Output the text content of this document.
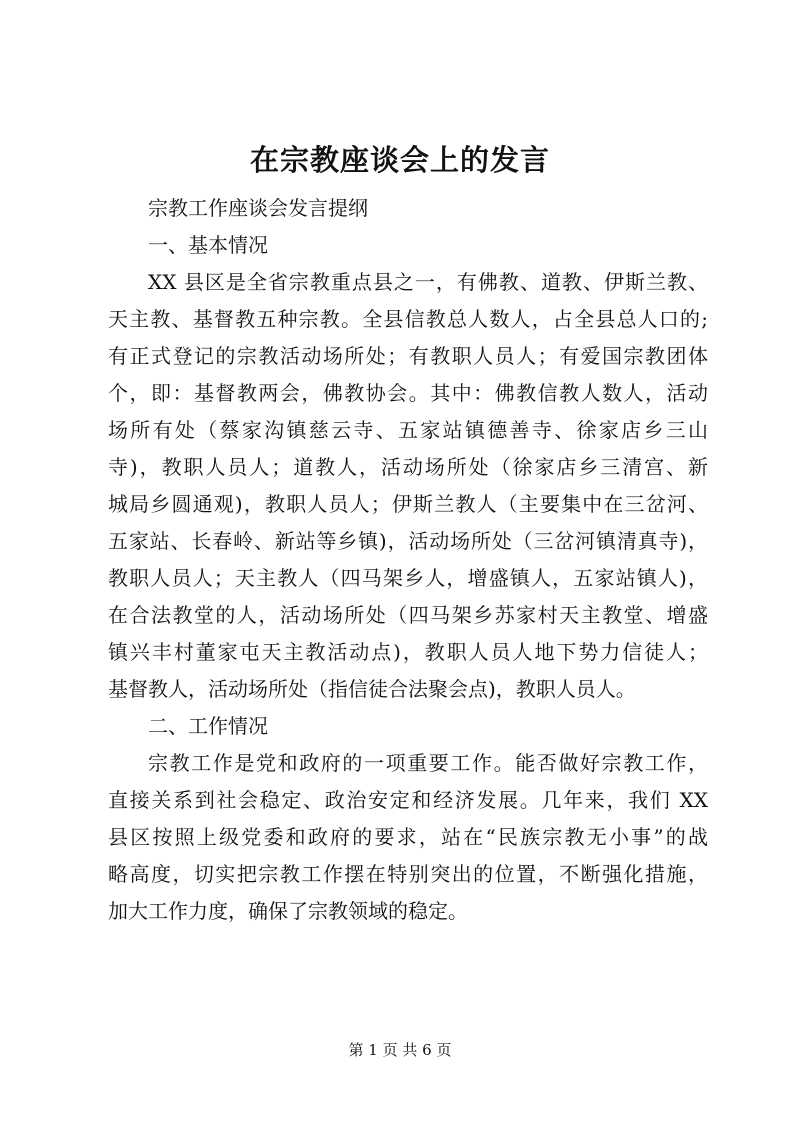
在宗教座谈会上的发言
宗教工作座谈会发言提纲
一、基本情况
XX 县区是全省宗教重点县之一，有佛教、道教、伊斯兰教、
天主教、基督教五种宗教。全县信教总人数人，占全县总人口的;
有正式登记的宗教活动场所处；有教职人员人；有爱国宗教团体
个，即：基督教两会，佛教协会。其中：佛教信教人数人，活动
场所有处（蔡家沟镇慈云寺、五家站镇德善寺、徐家店乡三山
寺)，教职人员人；道教人，活动场所处（徐家店乡三清宫、新
城局乡圆通观)，教职人员人；伊斯兰教人（主要集中在三岔河、
五家站、长春岭、新站等乡镇)，活动场所处（三岔河镇清真寺)，
教职人员人；天主教人（四马架乡人，增盛镇人，五家站镇人)，
在合法教堂的人，活动场所处（四马架乡苏家村天主教堂、增盛
镇兴丰村董家屯天主教活动点)，教职人员人地下势力信徒人；
基督教人，活动场所处（指信徒合法聚会点)，教职人员人。
二、工作情况
宗教工作是党和政府的一项重要工作。能否做好宗教工作，
直接关系到社会稳定、政治安定和经济发展。几年来，我们 XX
县区按照上级党委和政府的要求，站在“民族宗教无小事”的战
略高度，切实把宗教工作摆在特别突出的位置，不断强化措施，
加大工作力度，确保了宗教领域的稳定。
第 1 页 共 6 页
